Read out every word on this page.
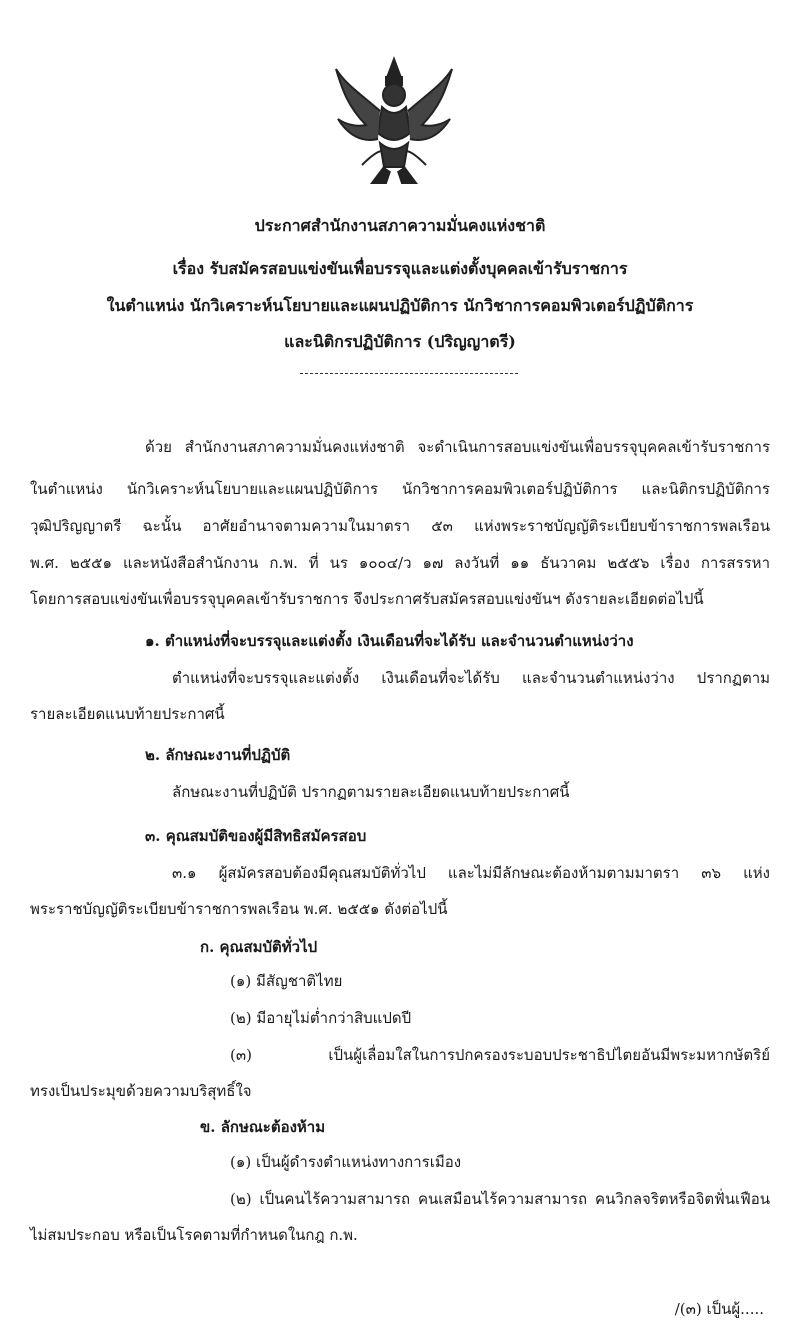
ประกาศสำนักงานสภาความมั่นคงแห่งชาติ
เรื่อง รับสมัครสอบแข่งขันเพื่อบรรจุและแต่งตั้งบุคคลเข้ารับราชการ
ในตำแหน่ง นักวิเคราะห์นโยบายและแผนปฏิบัติการ นักวิชาการคอมพิวเตอร์ปฏิบัติการ
และนิติกรปฏิบัติการ (ปริญญาตรี)
ด้วย สำนักงานสภาความมั่นคงแห่งชาติ จะดำเนินการสอบแข่งขันเพื่อบรรจุบุคคลเข้ารับราชการ
ในตำแหน่ง นักวิเคราะห์นโยบายและแผนปฏิบัติการ นักวิชาการคอมพิวเตอร์ปฏิบัติการ และนิติกรปฏิบัติการ
วุฒิปริญญาตรี ฉะนั้น อาศัยอำนาจตามความในมาตรา ๕๓ แห่งพระราชบัญญัติระเบียบข้าราชการพลเรือน
พ.ศ. ๒๕๕๑ และหนังสือสำนักงาน ก.พ. ที่ นร ๑๐๐๔/ว ๑๗ ลงวันที่ ๑๑ ธันวาคม ๒๕๕๖ เรื่อง การสรรหา
โดยการสอบแข่งขันเพื่อบรรจุบุคคลเข้ารับราชการ จึงประกาศรับสมัครสอบแข่งขันฯ ดังรายละเอียดต่อไปนี้
๑. ตำแหน่งที่จะบรรจุและแต่งตั้ง เงินเดือนที่จะได้รับ และจำนวนตำแหน่งว่าง
ตำแหน่งที่จะบรรจุและแต่งตั้ง เงินเดือนที่จะได้รับ และจำนวนตำแหน่งว่าง ปรากฏตาม
รายละเอียดแนบท้ายประกาศนี้
๒. ลักษณะงานที่ปฏิบัติ
ลักษณะงานที่ปฏิบัติ ปรากฏตามรายละเอียดแนบท้ายประกาศนี้
๓. คุณสมบัติของผู้มีสิทธิสมัครสอบ
๓.๑ ผู้สมัครสอบต้องมีคุณสมบัติทั่วไป และไม่มีลักษณะต้องห้ามตามมาตรา ๓๖ แห่ง
พระราชบัญญัติระเบียบข้าราชการพลเรือน พ.ศ. ๒๕๕๑ ดังต่อไปนี้
ก. คุณสมบัติทั่วไป
(๑) มีสัญชาติไทย
(๒) มีอายุไม่ต่ำกว่าสิบแปดปี
(๓) เป็นผู้เลื่อมใสในการปกครองระบอบประชาธิปไตยอันมีพระมหากษัตริย์
ทรงเป็นประมุขด้วยความบริสุทธิ์ใจ
ข. ลักษณะต้องห้าม
(๑) เป็นผู้ดำรงตำแหน่งทางการเมือง
(๒) เป็นคนไร้ความสามารถ คนเสมือนไร้ความสามารถ คนวิกลจริตหรือจิตฟั่นเฟือน
ไม่สมประกอบ หรือเป็นโรคตามที่กำหนดในกฎ ก.พ.
/(๓) เป็นผู้.....
